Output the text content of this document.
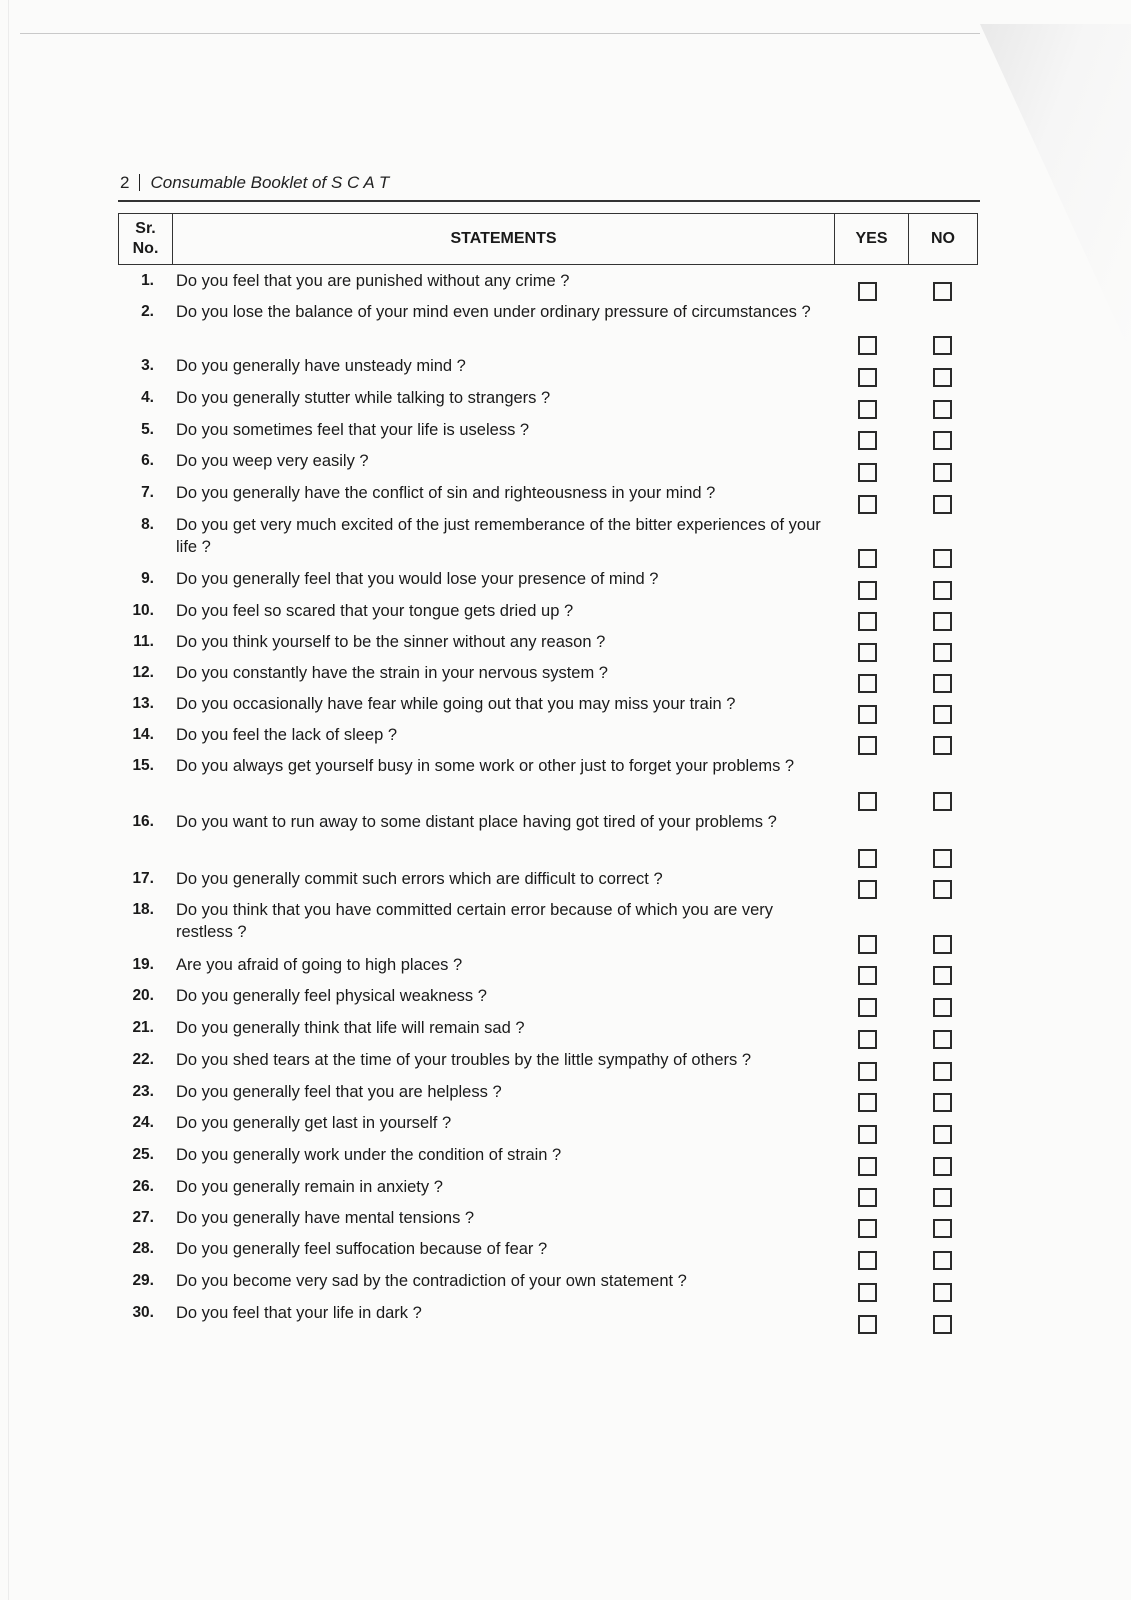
2 Consumable Booklet of S C A T
Sr.
No.
STATEMENTS	YES	NO
1. Do you feel that you are punished without any crime ?
2. Do you lose the balance of your mind even under ordinary pressure of circumstances ?
3. Do you generally have unsteady mind ?
4. Do you generally stutter while talking to strangers ?
5. Do you sometimes feel that your life is useless ?
6. Do you weep very easily ?
7. Do you generally have the conflict of sin and righteousness in your mind ?
8. Do you get very much excited of the just rememberance of the bitter experiences of your life ?
9. Do you generally feel that you would lose your presence of mind ?
10. Do you feel so scared that your tongue gets dried up ?
11. Do you think yourself to be the sinner without any reason ?
12. Do you constantly have the strain in your nervous system ?
13. Do you occasionally have fear while going out that you may miss your train ?
14. Do you feel the lack of sleep ?
15. Do you always get yourself busy in some work or other just to forget your problems ?
16. Do you want to run away to some distant place having got tired of your problems ?
17. Do you generally commit such errors which are difficult to correct ?
18. Do you think that you have committed certain error because of which you are very restless ?
19. Are you afraid of going to high places ?
20. Do you generally feel physical weakness ?
21. Do you generally think that life will remain sad ?
22. Do you shed tears at the time of your troubles by the little sympathy of others ?
23. Do you generally feel that you are helpless ?
24. Do you generally get last in yourself ?
25. Do you generally work under the condition of strain ?
26. Do you generally remain in anxiety ?
27. Do you generally have mental tensions ?
28. Do you generally feel suffocation because of fear ?
29. Do you become very sad by the contradiction of your own statement ?
30. Do you feel that your life in dark ?
